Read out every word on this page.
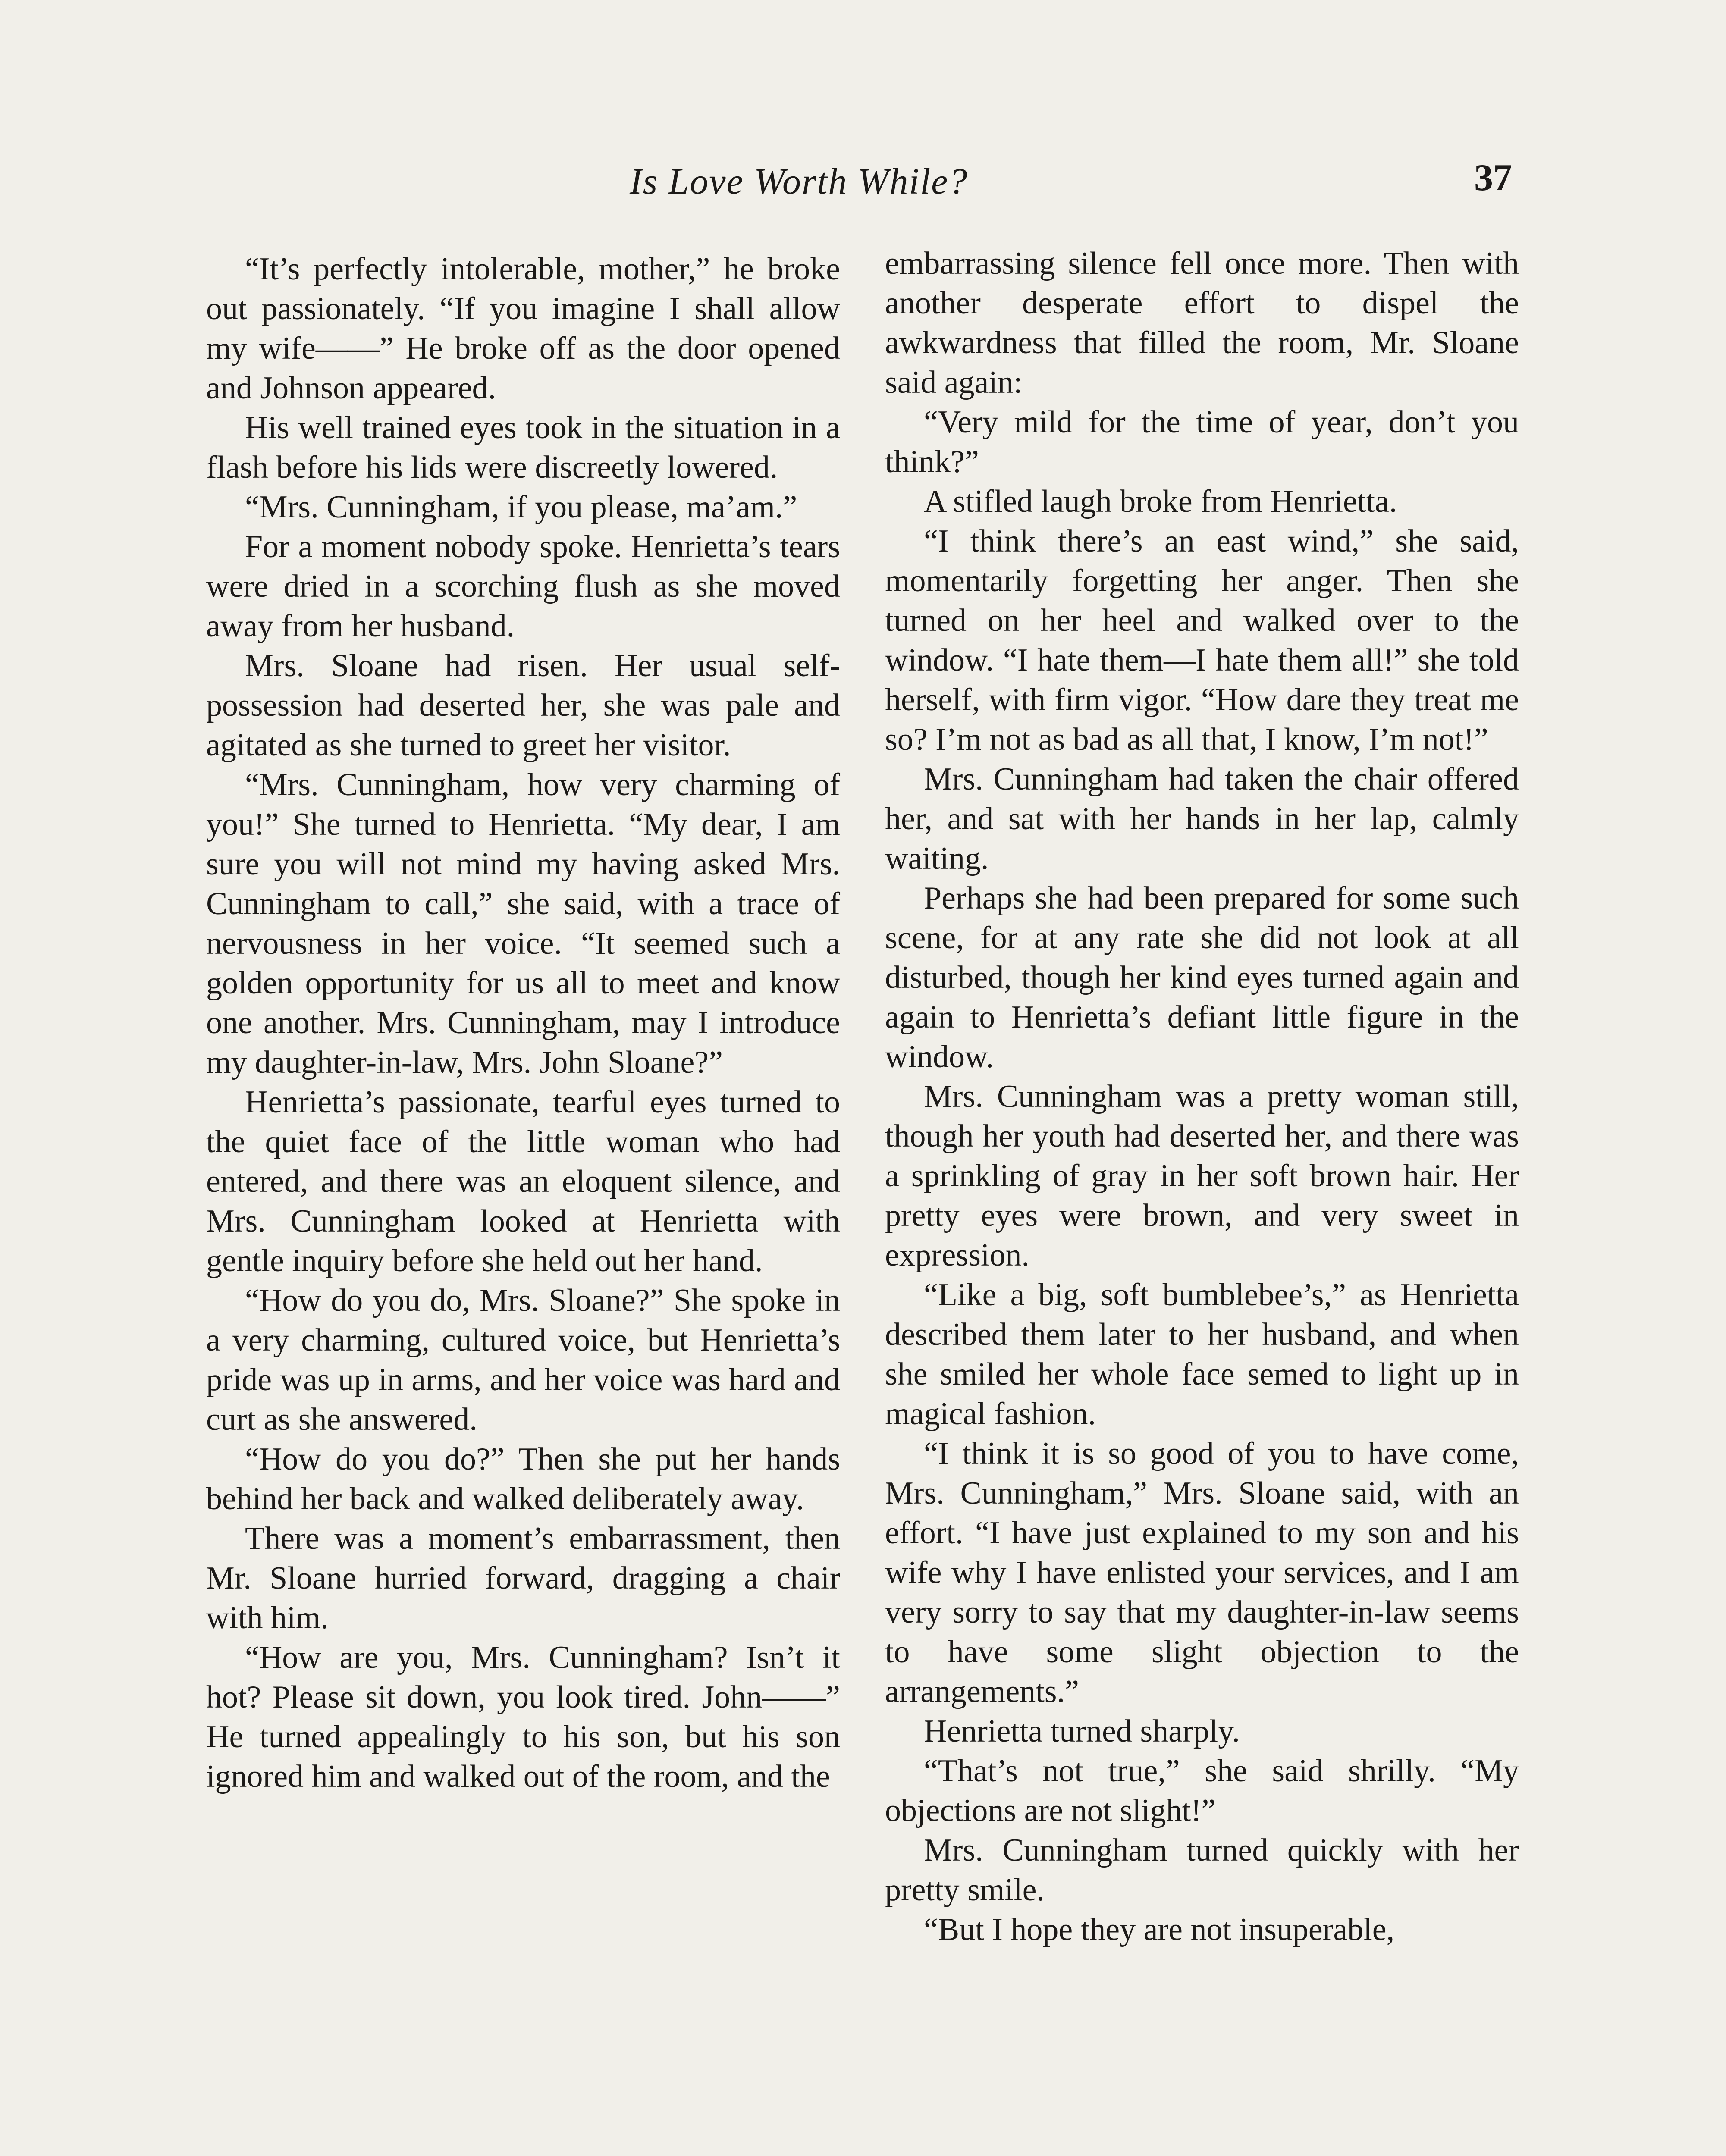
Is Love Worth While?	37

“It’s perfectly intolerable, mother,” he broke out passionately. “If you imagine I shall allow my wife——” He broke off as the door opened and Johnson appeared.

His well trained eyes took in the situation in a flash before his lids were discreetly lowered.

“Mrs. Cunningham, if you please, ma’am.”

For a moment nobody spoke. Henrietta’s tears were dried in a scorching flush as she moved away from her husband.

Mrs. Sloane had risen. Her usual self-possession had deserted her, she was pale and agitated as she turned to greet her visitor.

“Mrs. Cunningham, how very charming of you!” She turned to Henrietta. “My dear, I am sure you will not mind my having asked Mrs. Cunningham to call,” she said, with a trace of nervousness in her voice. “It seemed such a golden opportunity for us all to meet and know one another. Mrs. Cunningham, may I introduce my daughter-in-law, Mrs. John Sloane?”

Henrietta’s passionate, tearful eyes turned to the quiet face of the little woman who had entered, and there was an eloquent silence, and Mrs. Cunningham looked at Henrietta with gentle inquiry before she held out her hand.

“How do you do, Mrs. Sloane?” She spoke in a very charming, cultured voice, but Henrietta’s pride was up in arms, and her voice was hard and curt as she answered.

“How do you do?” Then she put her hands behind her back and walked deliberately away.

There was a moment’s embarrassment, then Mr. Sloane hurried forward, dragging a chair with him.

“How are you, Mrs. Cunningham? Isn’t it hot? Please sit down, you look tired. John——” He turned appealingly to his son, but his son ignored him and walked out of the room, and the

embarrassing silence fell once more. Then with another desperate effort to dispel the awkwardness that filled the room, Mr. Sloane said again:

“Very mild for the time of year, don’t you think?”

A stifled laugh broke from Henrietta.

“I think there’s an east wind,” she said, momentarily forgetting her anger. Then she turned on her heel and walked over to the window. “I hate them—I hate them all!” she told herself, with firm vigor. “How dare they treat me so? I’m not as bad as all that, I know, I’m not!”

Mrs. Cunningham had taken the chair offered her, and sat with her hands in her lap, calmly waiting.

Perhaps she had been prepared for some such scene, for at any rate she did not look at all disturbed, though her kind eyes turned again and again to Henrietta’s defiant little figure in the window.

Mrs. Cunningham was a pretty woman still, though her youth had deserted her, and there was a sprinkling of gray in her soft brown hair. Her pretty eyes were brown, and very sweet in expression.

“Like a big, soft bumblebee’s,” as Henrietta described them later to her husband, and when she smiled her whole face semed to light up in magical fashion.

“I think it is so good of you to have come, Mrs. Cunningham,” Mrs. Sloane said, with an effort. “I have just explained to my son and his wife why I have enlisted your services, and I am very sorry to say that my daughter-in-law seems to have some slight objection to the arrangements.”

Henrietta turned sharply.

“That’s not true,” she said shrilly. “My objections are not slight!”

Mrs. Cunningham turned quickly with her pretty smile.

“But I hope they are not insuperable,
